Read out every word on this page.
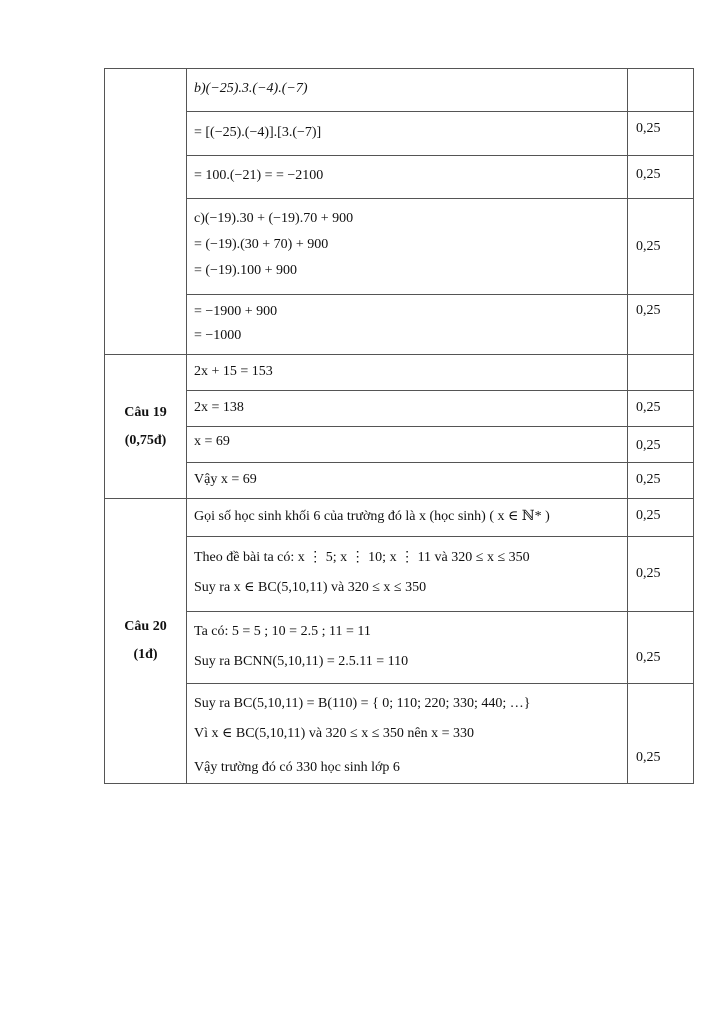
	b)(−25).3.(−4).(−7)	

	= [(−25).(−4)].[3.(−7)]	0,25

	= 100.(−21) = = −2100	0,25

	c)(−19).30 + (−19).70 + 900
= (−19).(30 + 70) + 900
= (−19).100 + 900	0,25

	= −1900 + 900
= −1000	0,25

Câu 19
(0,75đ)	2x + 15 = 153	

	2x = 138	0,25

	x = 69	0,25

	Vậy x = 69	0,25

Câu 20
(1đ)	Gọi số học sinh khối 6 của trường đó là x (học sinh) ( x ∈ ℕ* )	0,25

	Theo đề bài ta có: x ⋮ 5; x ⋮ 10; x ⋮ 11 và 320 ≤ x ≤ 350
Suy ra x ∈ BC(5,10,11) và 320 ≤ x ≤ 350	0,25

	Ta có: 5 = 5 ; 10 = 2.5 ; 11 = 11
Suy ra BCNN(5,10,11) = 2.5.11 = 110	0,25

	Suy ra BC(5,10,11) = B(110) = { 0; 110; 220; 330; 440; …}
Vì x ∈ BC(5,10,11) và 320 ≤ x ≤ 350 nên x = 330
Vậy trường đó có 330 học sinh lớp 6	0,25
